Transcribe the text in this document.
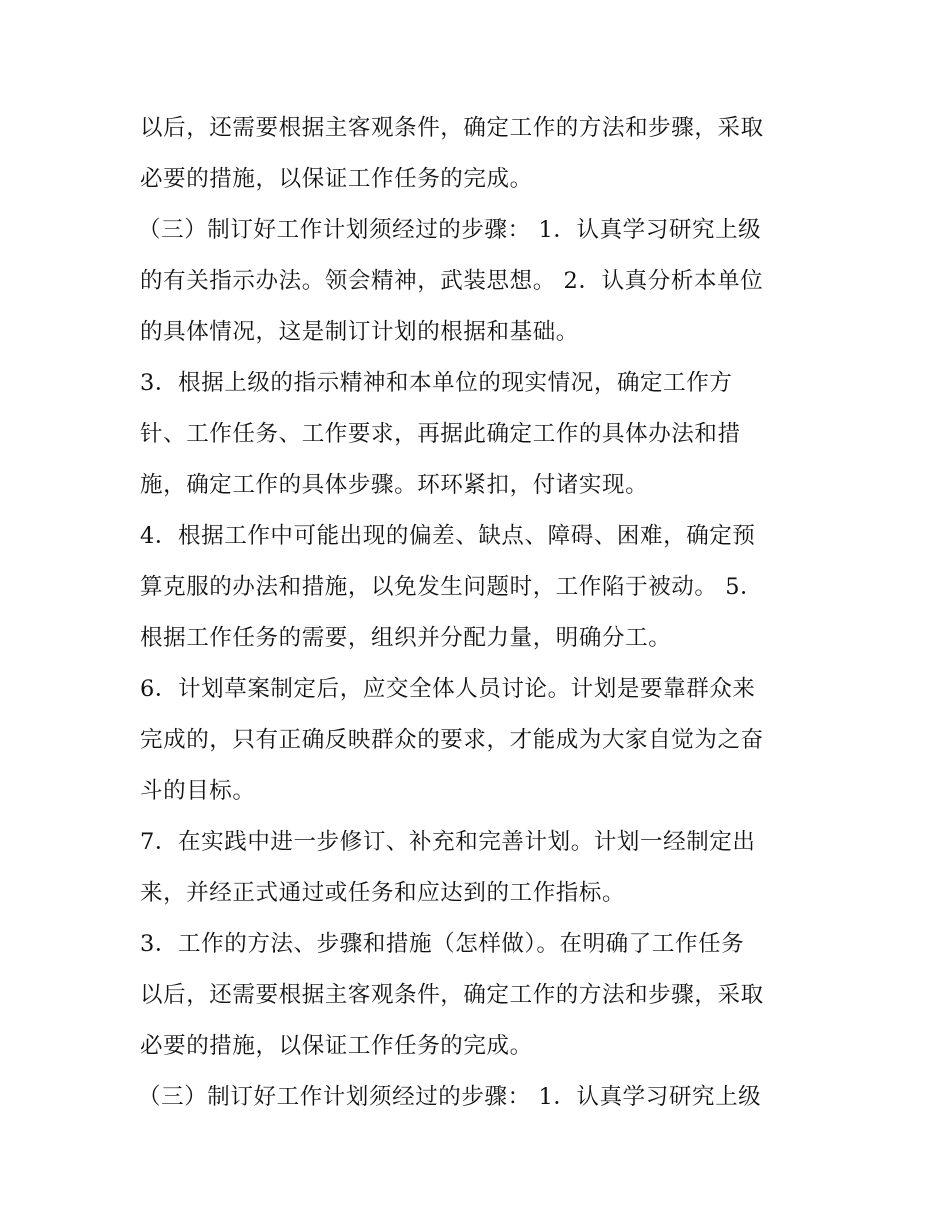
以后，还需要根据主客观条件，确定工作的方法和步骤，采取
必要的措施，以保证工作任务的完成。
（三）制订好工作计划须经过的步骤： 1．认真学习研究上级
的有关指示办法。领会精神，武装思想。 2．认真分析本单位
的具体情况，这是制订计划的根据和基础。
3．根据上级的指示精神和本单位的现实情况，确定工作方
针、工作任务、工作要求，再据此确定工作的具体办法和措
施，确定工作的具体步骤。环环紧扣，付诸实现。
4．根据工作中可能出现的偏差、缺点、障碍、困难，确定预
算克服的办法和措施，以免发生问题时，工作陷于被动。 5．
根据工作任务的需要，组织并分配力量，明确分工。
6．计划草案制定后，应交全体人员讨论。计划是要靠群众来
完成的，只有正确反映群众的要求，才能成为大家自觉为之奋
斗的目标。
7．在实践中进一步修订、补充和完善计划。计划一经制定出
来，并经正式通过或任务和应达到的工作指标。
3．工作的方法、步骤和措施（怎样做）。在明确了工作任务
以后，还需要根据主客观条件，确定工作的方法和步骤，采取
必要的措施，以保证工作任务的完成。
（三）制订好工作计划须经过的步骤： 1．认真学习研究上级
